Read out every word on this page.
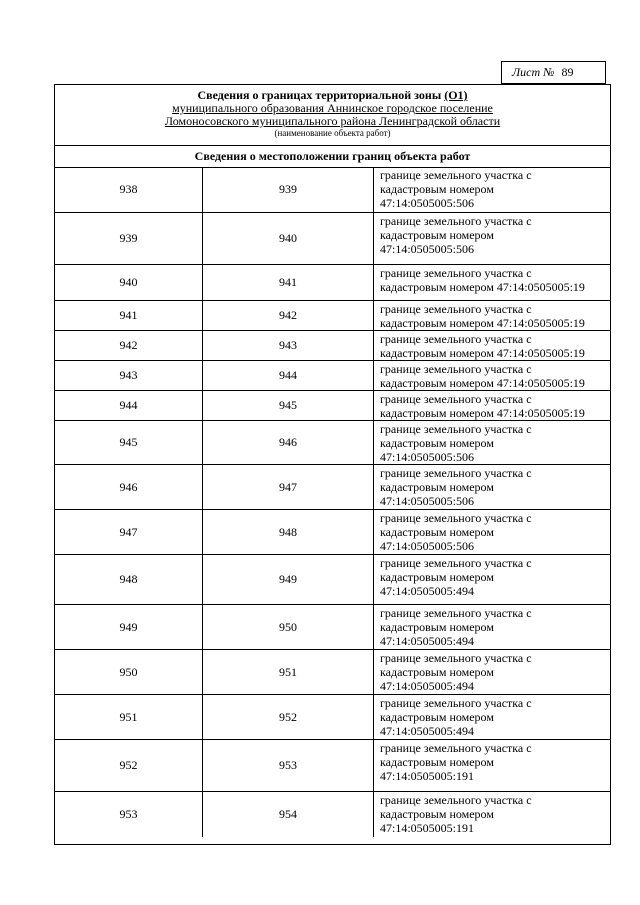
Лист № 89
Сведения о границах территориальной зоны (О1)
муниципального образования Аннинское городское поселение
Ломоносовского муниципального района Ленинградской области
(наименование объекта работ)
Сведения о местоположении границ объекта работ
938	939
границе земельного участка с
кадастровым номером
47:14:0505005:506
939	940
границе земельного участка с
кадастровым номером
47:14:0505005:506
940	941
границе земельного участка с
кадастровым номером 47:14:0505005:19
941	942	границе земельного участка с
кадастровым номером 47:14:0505005:19
942	943	границе земельного участка с
кадастровым номером 47:14:0505005:19
943	944	границе земельного участка с
кадастровым номером 47:14:0505005:19
944	945	границе земельного участка с
кадастровым номером 47:14:0505005:19
945	946
границе земельного участка с
кадастровым номером
47:14:0505005:506
946	947
границе земельного участка с
кадастровым номером
47:14:0505005:506
947	948
границе земельного участка с
кадастровым номером
47:14:0505005:506
948	949
границе земельного участка с
кадастровым номером
47:14:0505005:494
949	950
границе земельного участка с
кадастровым номером
47:14:0505005:494
950	951
границе земельного участка с
кадастровым номером
47:14:0505005:494
951	952
границе земельного участка с
кадастровым номером
47:14:0505005:494
952	953
границе земельного участка с
кадастровым номером
47:14:0505005:191
953	954
границе земельного участка с
кадастровым номером
47:14:0505005:191
